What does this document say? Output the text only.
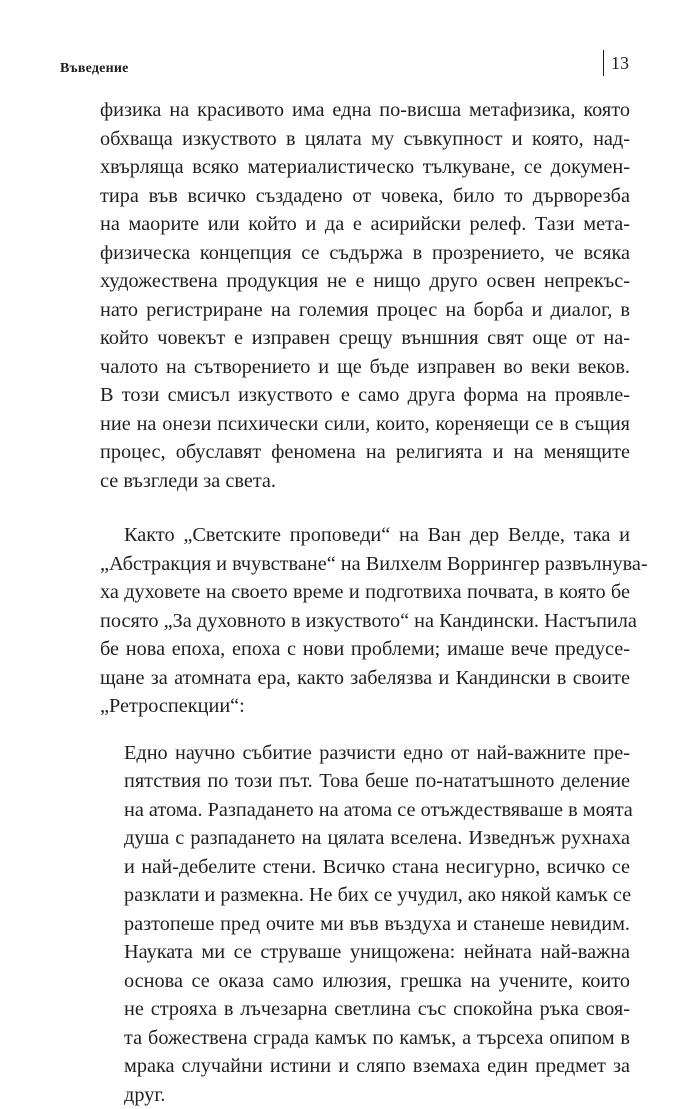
Въведение	13

физика на красивото има една по-висша метафизика, която
обхваща изкуството в цялата му съвкупност и която, над-
хвърляща всяко материалистическо тълкуване, се докумен-
тира във всичко създадено от човека, било то дърворезба
на маорите или който и да е асирийски релеф. Тази мета-
физическа концепция се съдържа в прозрението, че всяка
художествена продукция не е нищо друго освен непрекъс-
нато регистриране на големия процес на борба и диалог, в
който човекът е изправен срещу външния свят още от на-
чалото на сътворението и ще бъде изправен во веки веков.
В този смисъл изкуството е само друга форма на проявле-
ние на онези психически сили, които, кореняещи се в същия
процес, обуславят феномена на религията и на менящите
се възгледи за света.

Както „Светските проповеди“ на Ван дер Велде, така и
„Абстракция и вчувстване“ на Вилхелм Воррингер развълнува-
ха духовете на своето време и подготвиха почвата, в която бе
посято „За духовното в изкуството“ на Кандински. Настъпила
бе нова епоха, епоха с нови проблеми; имаше вече предусе-
щане за атомната ера, както забелязва и Кандински в своите
„Ретроспекции“:

Едно научно събитие разчисти едно от най-важните пре-
пятствия по този път. Това беше по-нататъшното деление
на атома. Разпадането на атома се отъждествяваше в моята
душа с разпадането на цялата вселена. Изведнъж рухнаха
и най-дебелите стени. Всичко стана несигурно, всичко се
разклати и размекна. Не бих се учудил, ако някой камък се
разтопеше пред очите ми във въздуха и станеше невидим.
Науката ми се струваше унищожена: нейната най-важна
основа се оказа само илюзия, грешка на учените, които
не строяха в лъчезарна светлина със спокойна ръка своя-
та божествена сграда камък по камък, а търсеха опипом в
мрака случайни истини и сляпо вземаха един предмет за
друг.
